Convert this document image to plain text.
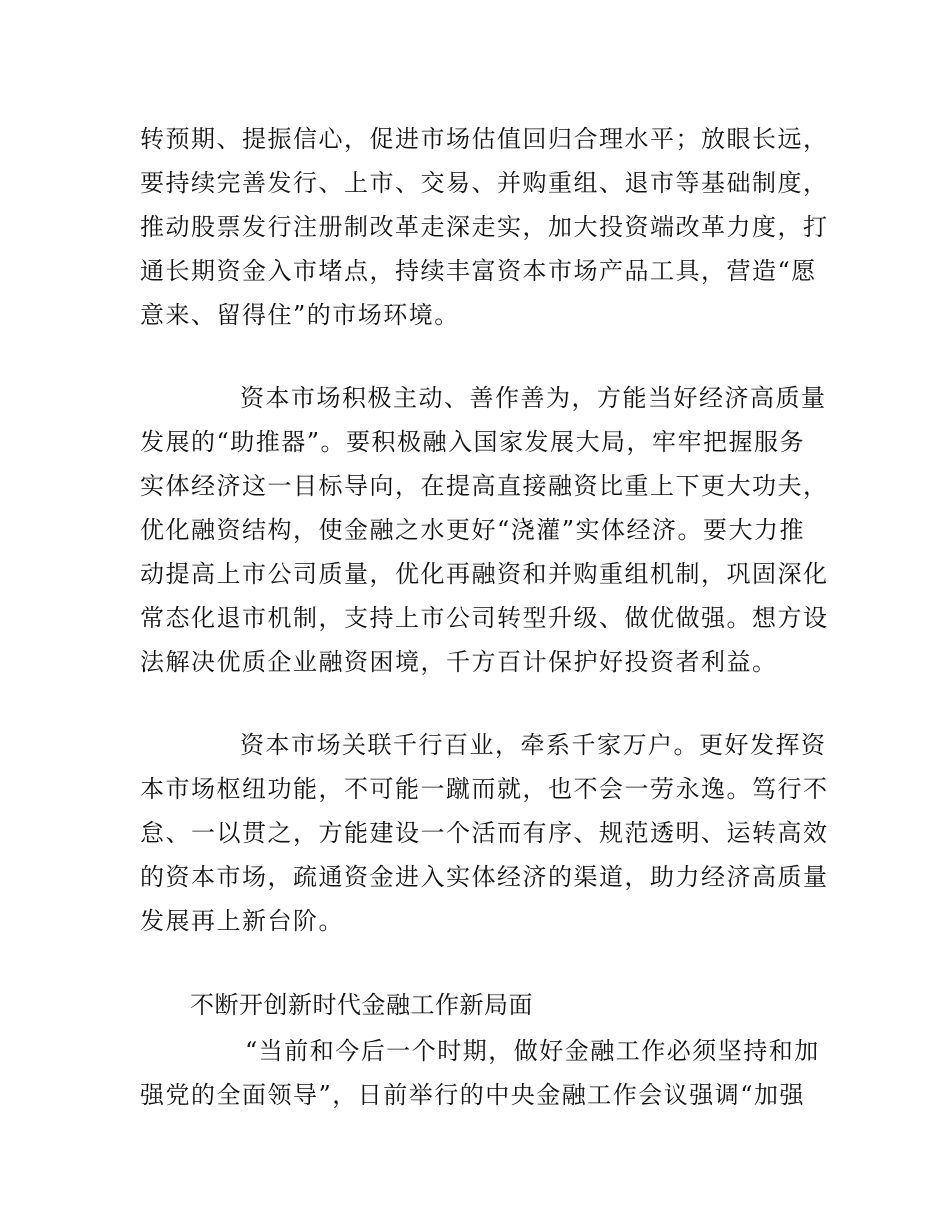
转预期、提振信心，促进市场估值回归合理水平；放眼长远，
要持续完善发行、上市、交易、并购重组、退市等基础制度，
推动股票发行注册制改革走深走实，加大投资端改革力度，打
通长期资金入市堵点，持续丰富资本市场产品工具，营造“愿
意来、留得住”的市场环境。
资本市场积极主动、善作善为，方能当好经济高质量
发展的“助推器”。要积极融入国家发展大局，牢牢把握服务
实体经济这一目标导向，在提高直接融资比重上下更大功夫，
优化融资结构，使金融之水更好“浇灌”实体经济。要大力推
动提高上市公司质量，优化再融资和并购重组机制，巩固深化
常态化退市机制，支持上市公司转型升级、做优做强。想方设
法解决优质企业融资困境，千方百计保护好投资者利益。
资本市场关联千行百业，牵系千家万户。更好发挥资
本市场枢纽功能，不可能一蹴而就，也不会一劳永逸。笃行不
怠、一以贯之，方能建设一个活而有序、规范透明、运转高效
的资本市场，疏通资金进入实体经济的渠道，助力经济高质量
发展再上新台阶。
不断开创新时代金融工作新局面
“当前和今后一个时期，做好金融工作必须坚持和加
强党的全面领导”，日前举行的中央金融工作会议强调“加强
